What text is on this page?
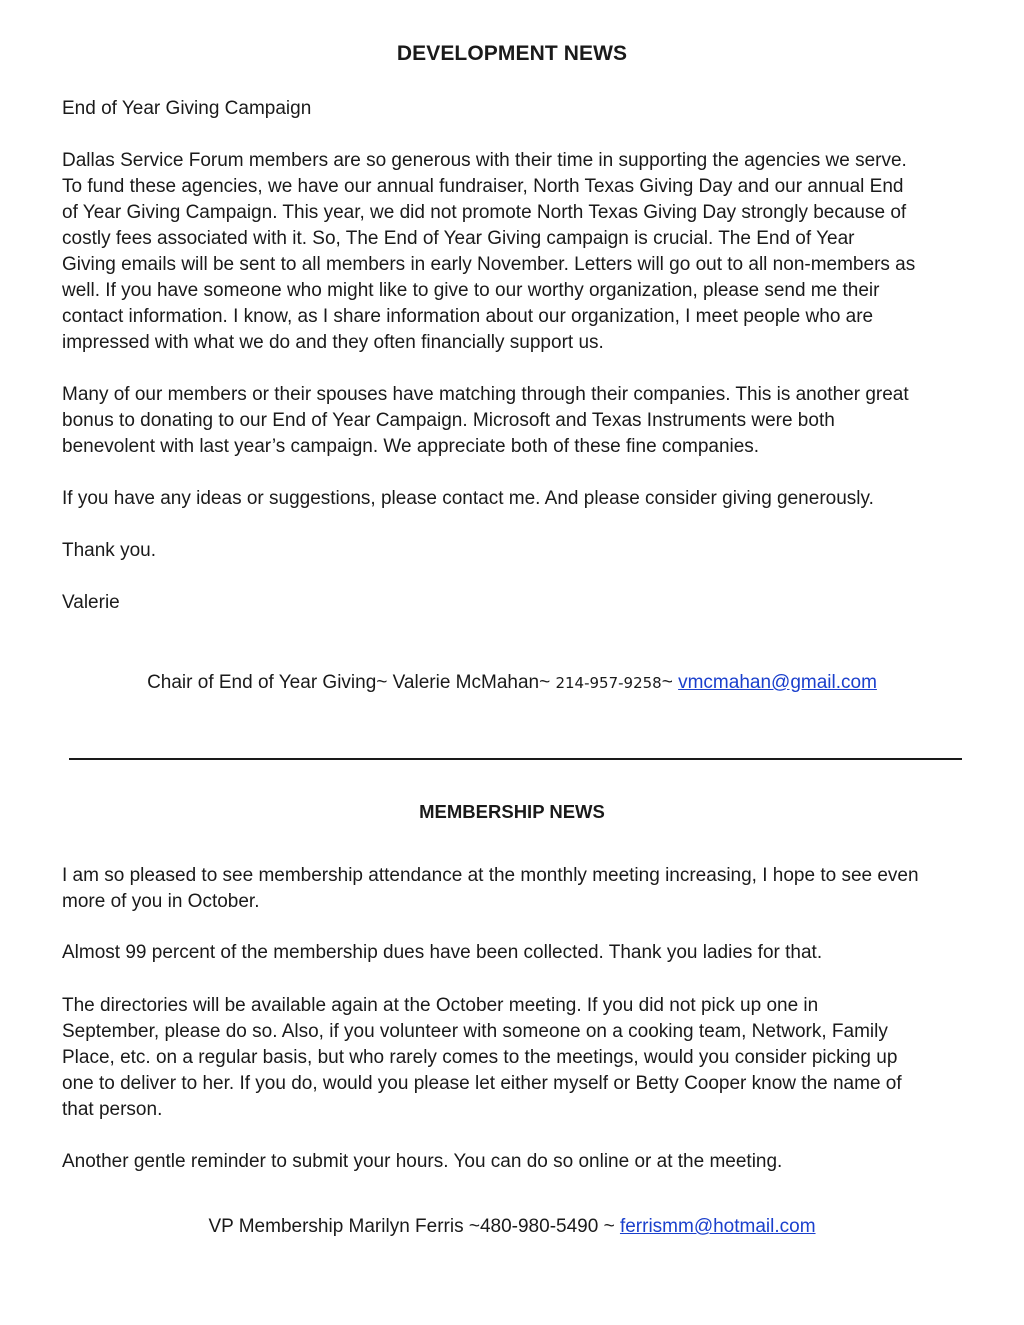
DEVELOPMENT NEWS

End of Year Giving Campaign

Dallas Service Forum members are so generous with their time in supporting the agencies we serve.
To fund these agencies, we have our annual fundraiser, North Texas Giving Day and our annual End
of Year Giving Campaign. This year, we did not promote North Texas Giving Day strongly because of
costly fees associated with it. So, The End of Year Giving campaign is crucial. The End of Year
Giving emails will be sent to all members in early November. Letters will go out to all non-members as
well. If you have someone who might like to give to our worthy organization, please send me their
contact information. I know, as I share information about our organization, I meet people who are
impressed with what we do and they often financially support us.

Many of our members or their spouses have matching through their companies. This is another great
bonus to donating to our End of Year Campaign. Microsoft and Texas Instruments were both
benevolent with last year’s campaign. We appreciate both of these fine companies.

If you have any ideas or suggestions, please contact me. And please consider giving generously.

Thank you.

Valerie

Chair of End of Year Giving~ Valerie McMahan~ 214-957-9258~ vmcmahan@gmail.com

MEMBERSHIP NEWS

I am so pleased to see membership attendance at the monthly meeting increasing, I hope to see even
more of you in October.

Almost 99 percent of the membership dues have been collected. Thank you ladies for that.

The directories will be available again at the October meeting. If you did not pick up one in
September, please do so. Also, if you volunteer with someone on a cooking team, Network, Family
Place, etc. on a regular basis, but who rarely comes to the meetings, would you consider picking up
one to deliver to her. If you do, would you please let either myself or Betty Cooper know the name of
that person.

Another gentle reminder to submit your hours. You can do so online or at the meeting.

VP Membership Marilyn Ferris ~480-980-5490 ~ ferrismm@hotmail.com
